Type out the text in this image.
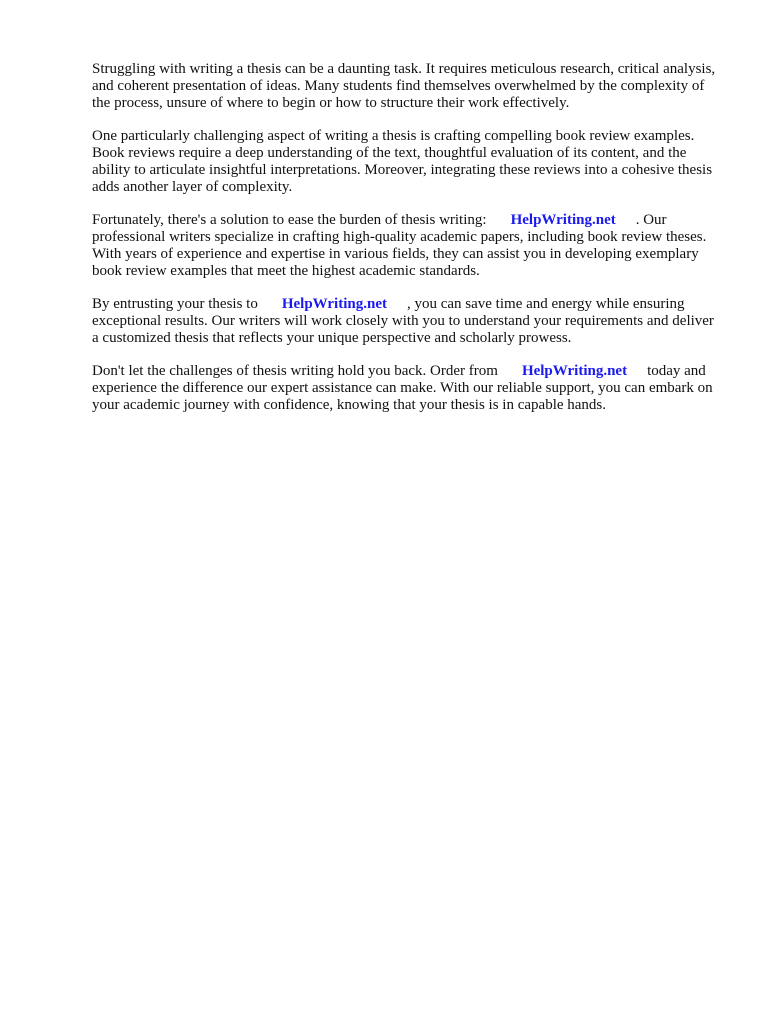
Struggling with writing a thesis can be a daunting task. It requires meticulous research, critical analysis, and coherent presentation of ideas. Many students find themselves overwhelmed by the complexity of the process, unsure of where to begin or how to structure their work effectively.

One particularly challenging aspect of writing a thesis is crafting compelling book review examples. Book reviews require a deep understanding of the text, thoughtful evaluation of its content, and the ability to articulate insightful interpretations. Moreover, integrating these reviews into a cohesive thesis adds another layer of complexity.

Fortunately, there's a solution to ease the burden of thesis writing: HelpWriting.net . Our professional writers specialize in crafting high-quality academic papers, including book review theses. With years of experience and expertise in various fields, they can assist you in developing exemplary book review examples that meet the highest academic standards.

By entrusting your thesis to HelpWriting.net , you can save time and energy while ensuring exceptional results. Our writers will work closely with you to understand your requirements and deliver a customized thesis that reflects your unique perspective and scholarly prowess.

Don't let the challenges of thesis writing hold you back. Order from HelpWriting.net today and experience the difference our expert assistance can make. With our reliable support, you can embark on your academic journey with confidence, knowing that your thesis is in capable hands.
